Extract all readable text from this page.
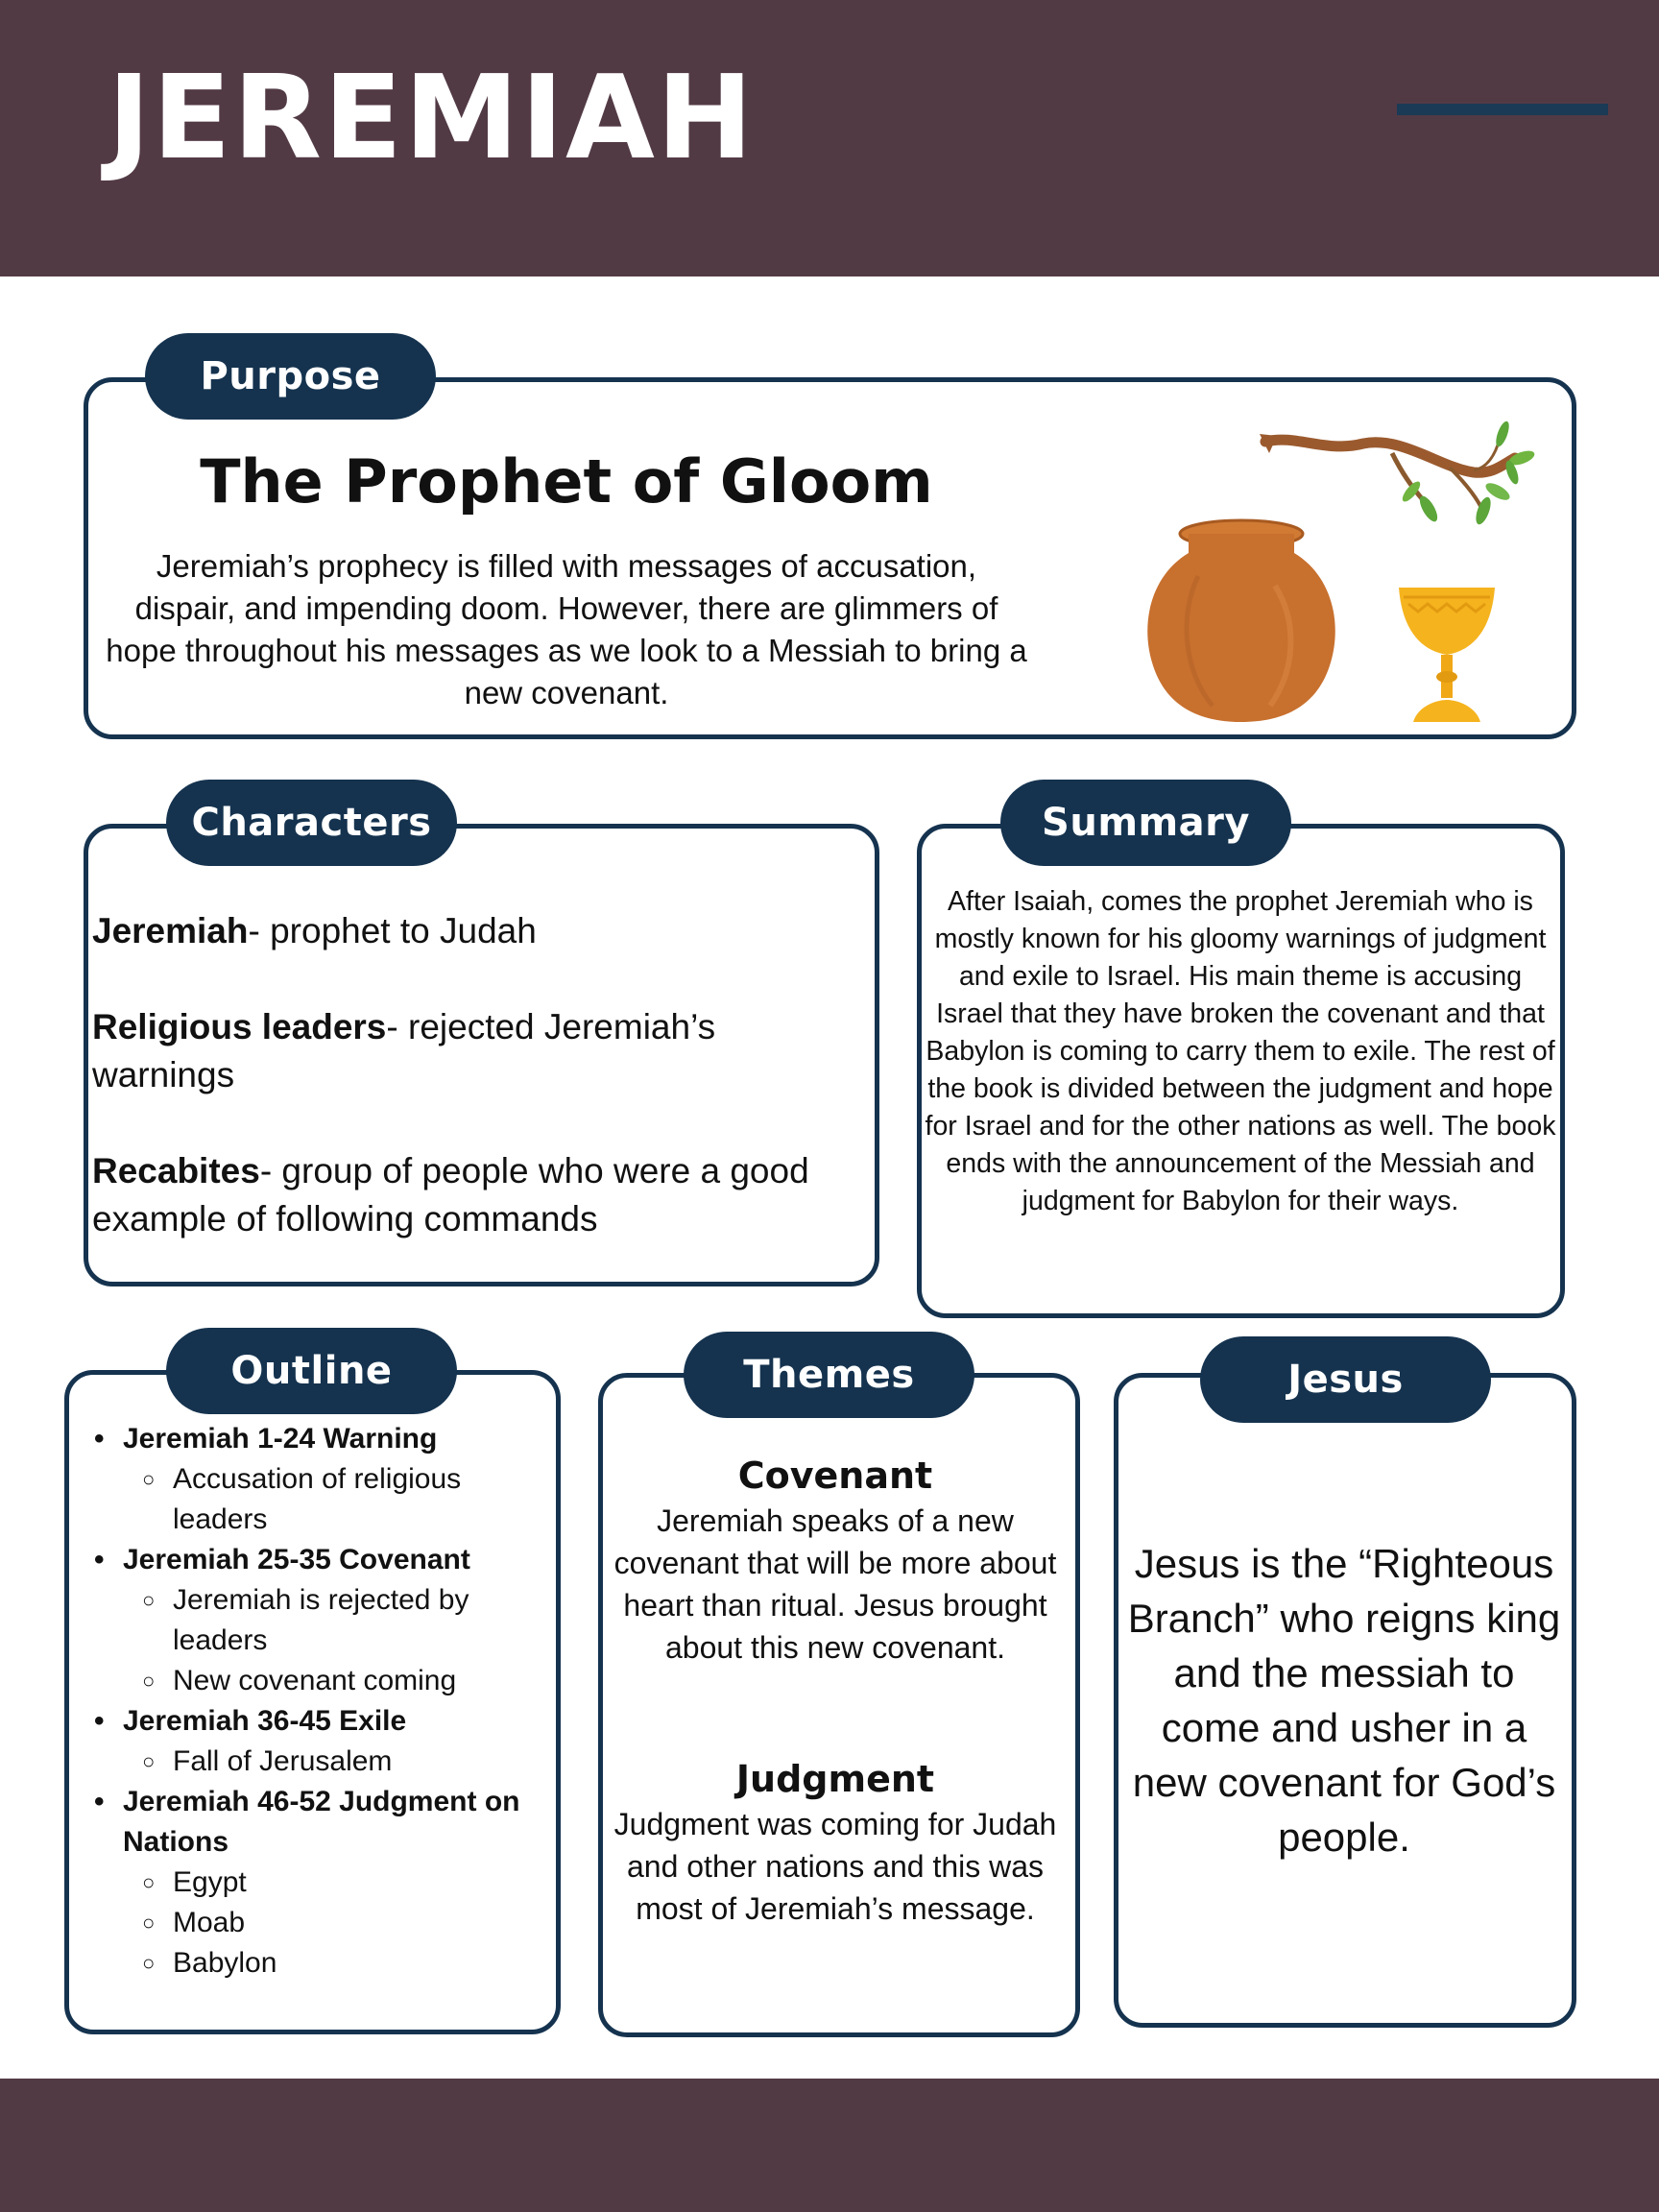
JEREMIAH
Purpose
The Prophet of Gloom
Jeremiah’s prophecy is filled with messages of accusation, dispair, and impending doom. However, there are glimmers of hope throughout his messages as we look to a Messiah to bring a new covenant.
Characters
Jeremiah- prophet to Judah
Religious leaders- rejected Jeremiah’s warnings
Recabites- group of people who were a good example of following commands
Summary
After Isaiah, comes the prophet Jeremiah who is mostly known for his gloomy warnings of judgment and exile to Israel. His main theme is accusing Israel that they have broken the covenant and that Babylon is coming to carry them to exile. The rest of the book is divided between the judgment and hope for Israel and for the other nations as well. The book ends with the announcement of the Messiah and judgment for Babylon for their ways.
Outline
• Jeremiah 1-24 Warning
○ Accusation of religious leaders
• Jeremiah 25-35 Covenant
○ Jeremiah is rejected by leaders
○ New covenant coming
• Jeremiah 36-45 Exile
○ Fall of Jerusalem
• Jeremiah 46-52 Judgment on Nations
○ Egypt
○ Moab
○ Babylon
Themes
Covenant

Jeremiah speaks of a new covenant that will be more about heart than ritual. Jesus brought about this new covenant.

Judgment

Judgment was coming for Judah and other nations and this was most of Jeremiah’s message.

Jesus
Jesus is the “Righteous Branch” who reigns king and the messiah to come and usher in a new covenant for God’s people.
